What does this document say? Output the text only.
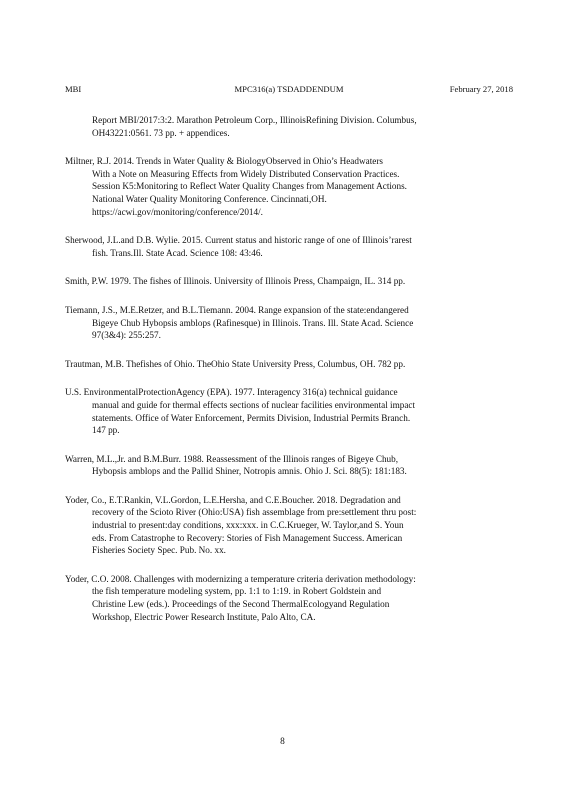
MBI	MPC316(a) TSDADDENDUM	February 27, 2018
Report MBI/2017:3:2. Marathon Petroleum Corp., IllinoisRefining Division. Columbus,
OH43221:0561. 73 pp. + appendices.
Miltner, R.J. 2014. Trends in Water Quality & BiologyObserved in Ohio’s Headwaters
With a Note on Measuring Effects from Widely Distributed Conservation Practices.
Session K5:Monitoring to Reflect Water Quality Changes from Management Actions.
National Water Quality Monitoring Conference. Cincinnati,OH.
https://acwi.gov/monitoring/conference/2014/.
Sherwood, J.L.and D.B. Wylie. 2015. Current status and historic range of one of Illinois’rarest
fish. Trans.Ill. State Acad. Science 108: 43:46.
Smith, P.W. 1979. The fishes of Illinois. University of Illinois Press, Champaign, IL. 314 pp.
Tiemann, J.S., M.E.Retzer, and B.L.Tiemann. 2004. Range expansion of the state:endangered
Bigeye Chub Hybopsis amblops (Rafinesque) in Illinois. Trans. Ill. State Acad. Science
97(3&4): 255:257.
Trautman, M.B. Thefishes of Ohio. TheOhio State University Press, Columbus, OH. 782 pp.
U.S. EnvironmentalProtectionAgency (EPA). 1977. Interagency 316(a) technical guidance
manual and guide for thermal effects sections of nuclear facilities environmental impact
statements. Office of Water Enforcement, Permits Division, Industrial Permits Branch.
147 pp.
Warren, M.L.,Jr. and B.M.Burr. 1988. Reassessment of the Illinois ranges of Bigeye Chub,
Hybopsis amblops and the Pallid Shiner, Notropis amnis. Ohio J. Sci. 88(5): 181:183.
Yoder, Co., E.T.Rankin, V.L.Gordon, L.E.Hersha, and C.E.Boucher. 2018. Degradation and
recovery of the Scioto River (Ohio:USA) fish assemblage from pre:settlement thru post:
industrial to present:day conditions, xxx:xxx. in C.C.Krueger, W. Taylor,and S. Youn
eds. From Catastrophe to Recovery: Stories of Fish Management Success. American
Fisheries Society Spec. Pub. No. xx.
Yoder, C.O. 2008. Challenges with modernizing a temperature criteria derivation methodology:
the fish temperature modeling system, pp. 1:1 to 1:19. in Robert Goldstein and
Christine Lew (eds.). Proceedings of the Second ThermalEcologyand Regulation
Workshop, Electric Power Research Institute, Palo Alto, CA.
8
